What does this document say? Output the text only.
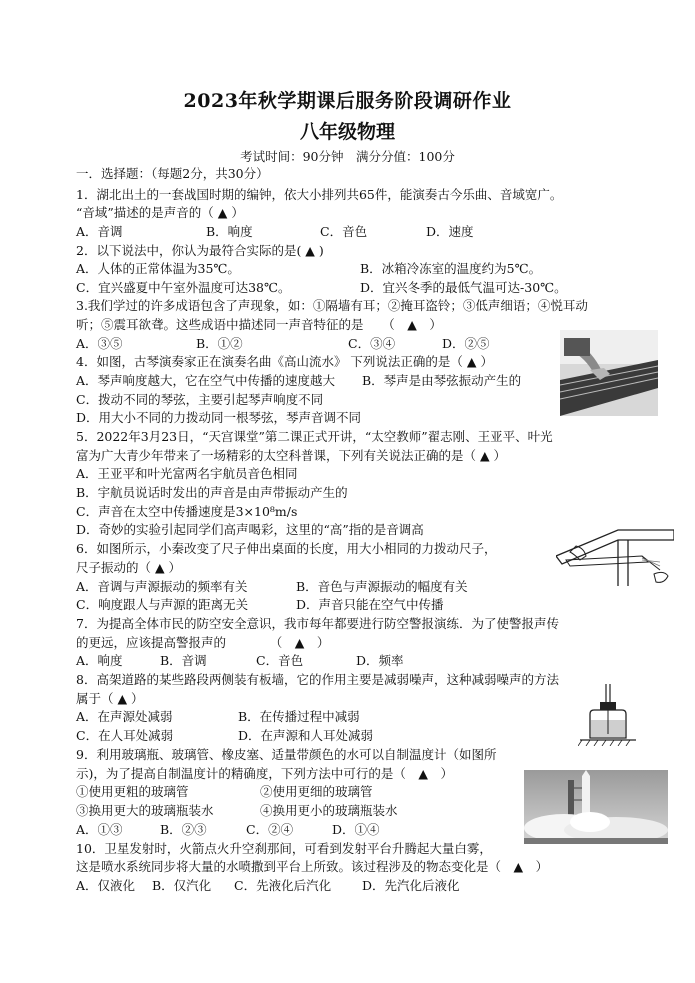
2023年秋学期课后服务阶段调研作业
八年级物理
考试时间：90分钟　满分分值：100分
一．选择题：（每题2分，共30分）
1．湖北出土的一套战国时期的编钟，依大小排列共65件，能演奏古今乐曲、音域宽广。
“音域”描述的是声音的（ ▲ ）
A．音调	B．响度	C．音色	D．速度
2．以下说法中，你认为最符合实际的是( ▲ )
A．人体的正常体温为35℃。	B．冰箱冷冻室的温度约为5℃。
C．宜兴盛夏中午室外温度可达38℃。	D．宜兴冬季的最低气温可达-30℃。
3.我们学过的许多成语包含了声现象，如：①隔墙有耳；②掩耳盗铃；③低声细语；④悦耳动
听；⑤震耳欲聋。这些成语中描述同一声音特征的是　　（　▲　）
A．③⑤	B．①②	C．③④	D．②⑤
4．如图，古琴演奏家正在演奏名曲《高山流水》 下列说法正确的是（ ▲ ）
A．琴声响度越大，它在空气中传播的速度越大 B．琴声是由琴弦振动产生的
C．拨动不同的琴弦，主要引起琴声响度不同
D．用大小不同的力拨动同一根琴弦，琴声音调不同
5．2022年3月23日，“天宫课堂”第二课正式开讲，“太空教师”翟志刚、王亚平、叶光
富为广大青少年带来了一场精彩的太空科普课，下列有关说法正确的是（ ▲ ）
A．王亚平和叶光富两名宇航员音色相同
B．宇航员说话时发出的声音是由声带振动产生的
C．声音在太空中传播速度是3×10⁸m/s
D．奇妙的实验引起同学们高声喝彩，这里的“高”指的是音调高
6．如图所示，小秦改变了尺子伸出桌面的长度，用大小相同的力拨动尺子，
尺子振动的（ ▲ ）
A．音调与声源振动的频率有关	B．音色与声源振动的幅度有关
C．响度跟人与声源的距离无关	D．声音只能在空气中传播
7．为提高全体市民的防空安全意识，我市每年都要进行防空警报演练．为了使警报声传
的更远，应该提高警报声的　　　　（　▲　）
A．响度	B．音调	C．音色	D．频率
8．高架道路的某些路段两侧装有板墙，它的作用主要是减弱噪声，这种减弱噪声的方法
属于（ ▲ ）
A．在声源处减弱	B．在传播过程中减弱
C．在人耳处减弱	D．在声源和人耳处减弱
9．利用玻璃瓶、玻璃管、橡皮塞、适量带颜色的水可以自制温度计（如图所
示)，为了提高自制温度计的精确度，下列方法中可行的是（　▲　）
①使用更粗的玻璃管	②使用更细的玻璃管
③换用更大的玻璃瓶装水	④换用更小的玻璃瓶装水
A．①③	B．②③	C．②④	D．①④
10．卫星发射时，火箭点火升空刹那间，可看到发射平台升腾起大量白雾，
这是喷水系统同步将大量的水喷撒到平台上所致。该过程涉及的物态变化是（　▲　）
A．仅液化 B．仅汽化 C．先液化后汽化 D．先汽化后液化
